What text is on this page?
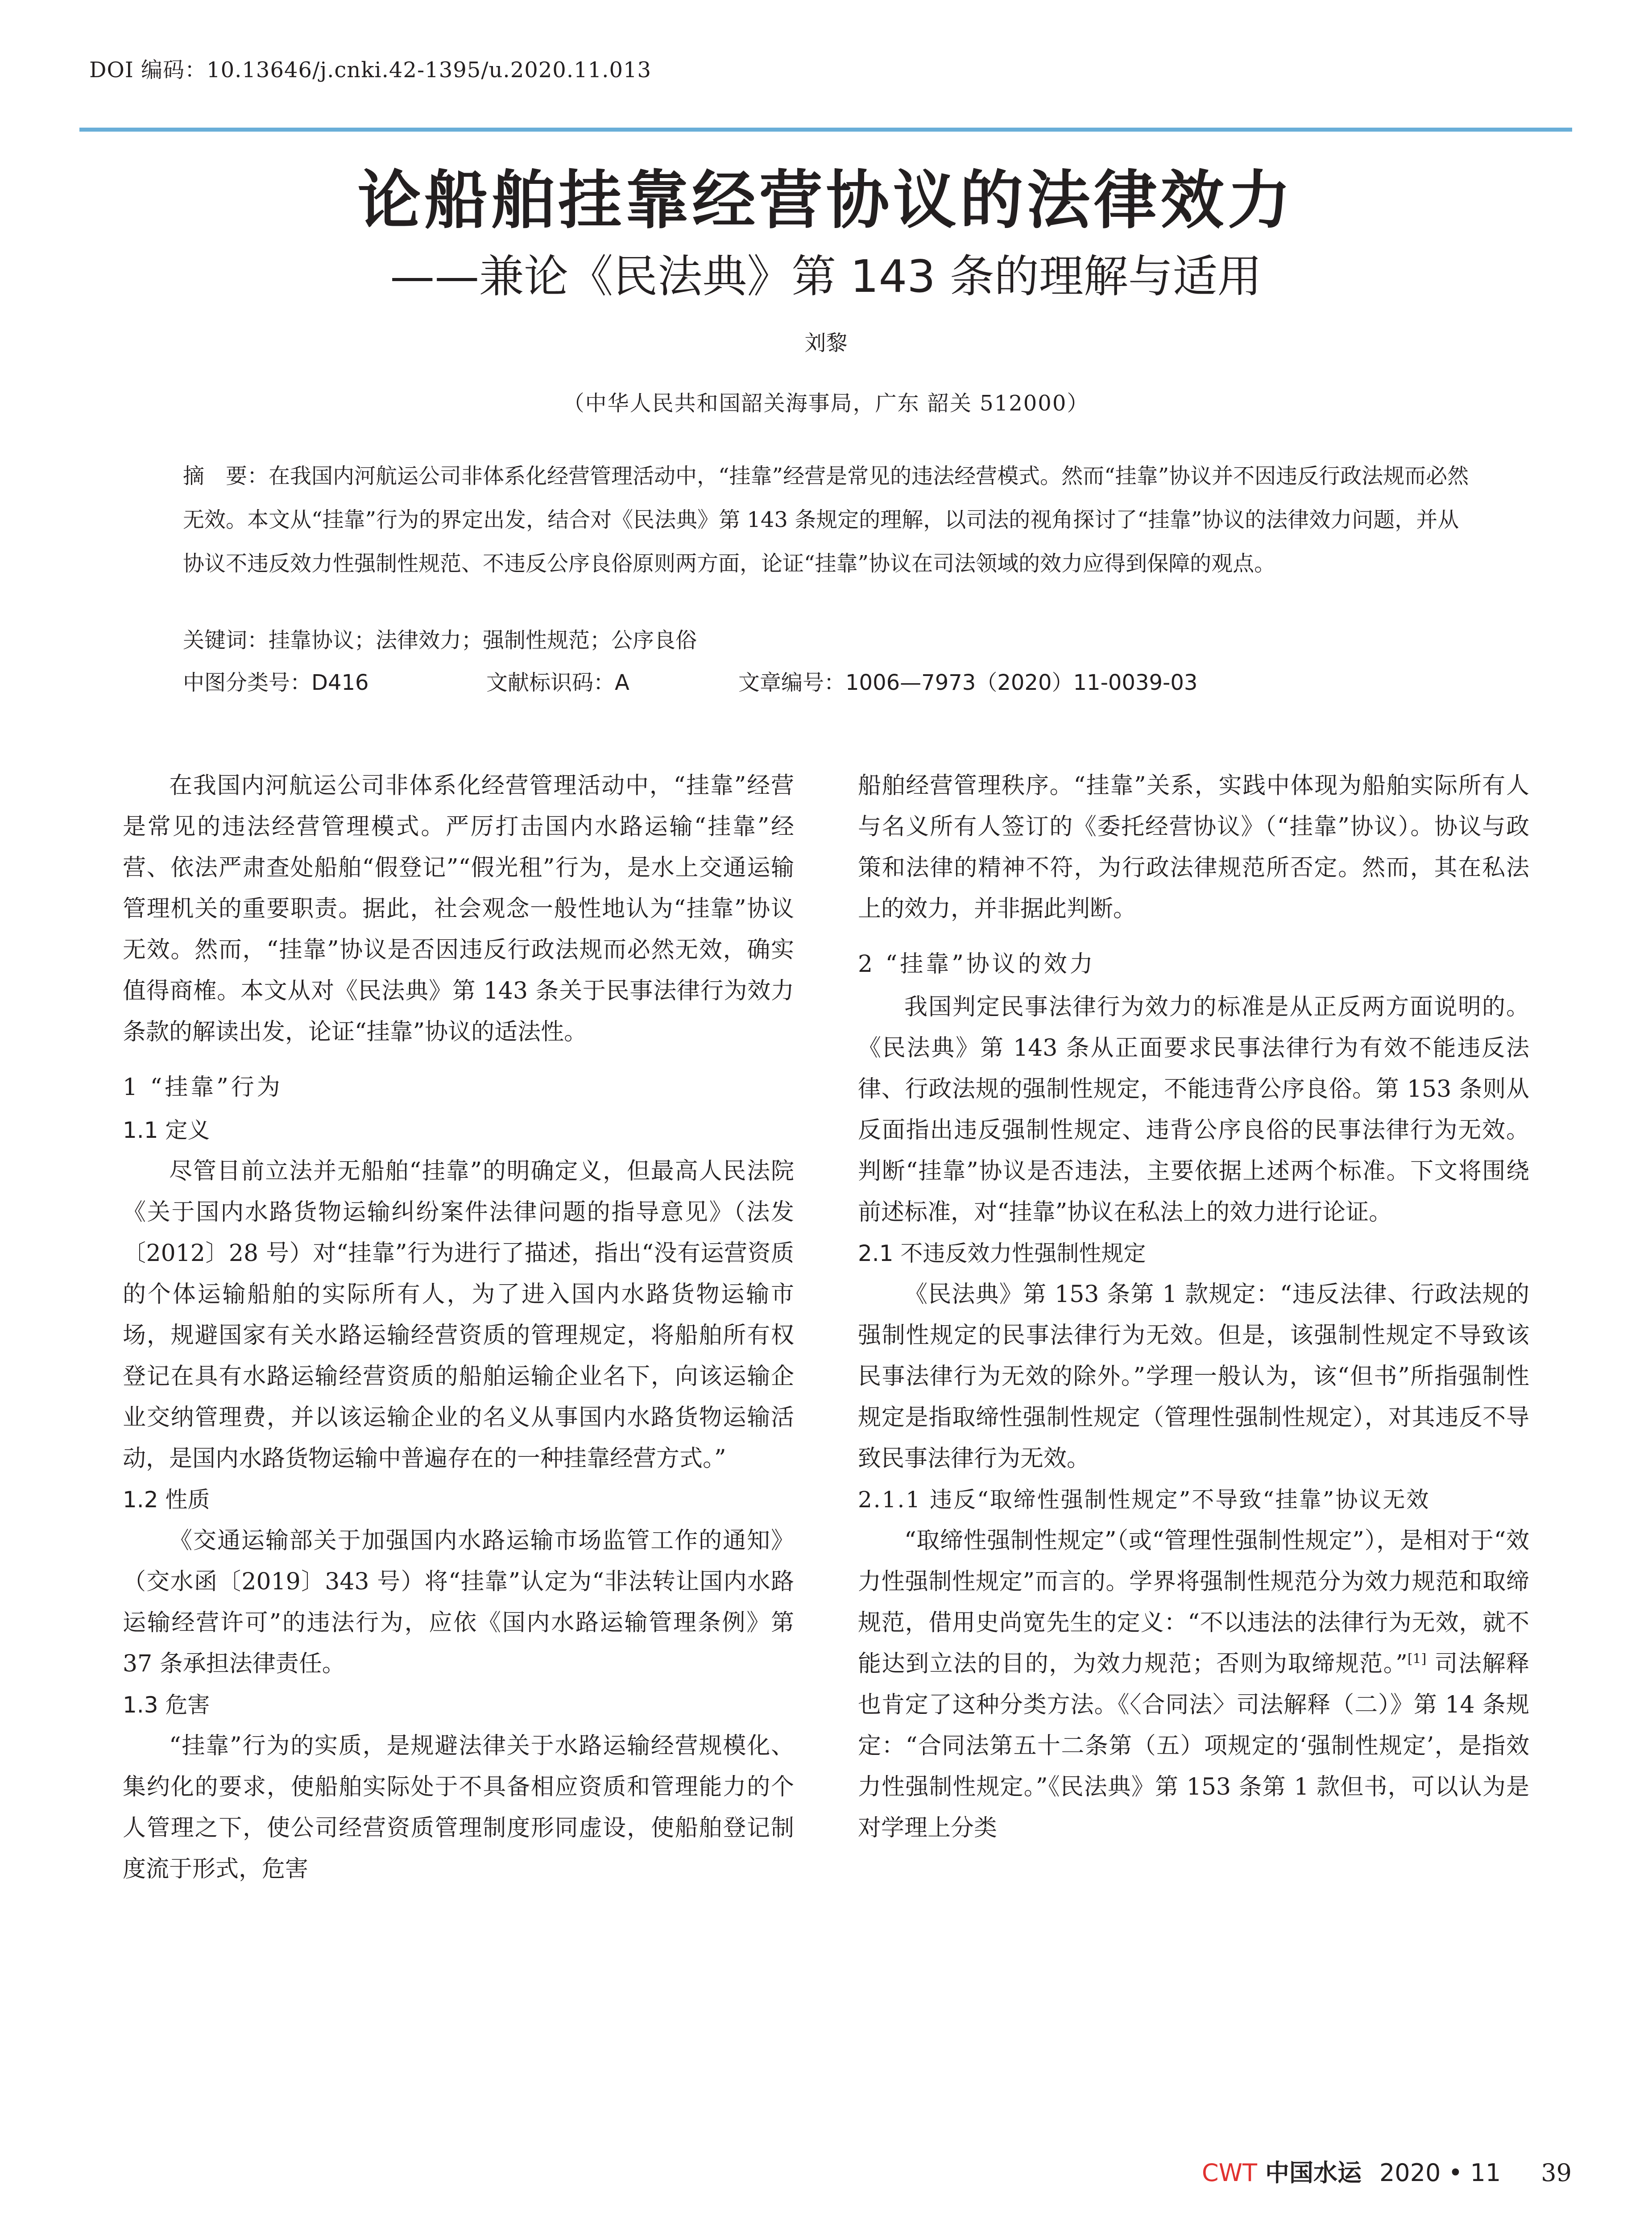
DOI 编码：10.13646/j.cnki.42-1395/u.2020.11.013
论船舶挂靠经营协议的法律效力
——兼论《民法典》第 143 条的理解与适用
刘黎
（中华人民共和国韶关海事局，广东 韶关 512000）
摘　要：在我国内河航运公司非体系化经营管理活动中，“挂靠”经营是常见的违法经营模式。然而“挂靠”协议并不因违反行政法规而必然无效。本文从“挂靠”行为的界定出发，结合对《民法典》第 143 条规定的理解，以司法的视角探讨了“挂靠”协议的法律效力问题，并从协议不违反效力性强制性规范、不违反公序良俗原则两方面，论证“挂靠”协议在司法领域的效力应得到保障的观点。
关键词：挂靠协议；法律效力；强制性规范；公序良俗
中图分类号：D416	文献标识码：A	文章编号：1006—7973（2020）11-0039-03

在我国内河航运公司非体系化经营管理活动中，“挂靠”经营是常见的违法经营管理模式。严厉打击国内水路运输“挂靠”经营、依法严肃查处船舶“假登记”“假光租”行为，是水上交通运输管理机关的重要职责。据此，社会观念一般性地认为“挂靠”协议无效。然而，“挂靠”协议是否因违反行政法规而必然无效，确实值得商榷。本文从对《民法典》第 143 条关于民事法律行为效力条款的解读出发，论证“挂靠”协议的适法性。

1 “挂靠”行为
1.1 定义

尽管目前立法并无船舶“挂靠”的明确定义，但最高人民法院《关于国内水路货物运输纠纷案件法律问题的指导意见》（法发〔2012〕28 号）对“挂靠”行为进行了描述，指出“没有运营资质的个体运输船舶的实际所有人，为了进入国内水路货物运输市场，规避国家有关水路运输经营资质的管理规定，将船舶所有权登记在具有水路运输经营资质的船舶运输企业名下，向该运输企业交纳管理费，并以该运输企业的名义从事国内水路货物运输活动，是国内水路货物运输中普遍存在的一种挂靠经营方式。”

1.2 性质

《交通运输部关于加强国内水路运输市场监管工作的通知》（交水函〔2019〕343 号）将“挂靠”认定为“非法转让国内水路运输经营许可”的违法行为，应依《国内水路运输管理条例》第 37 条承担法律责任。

1.3 危害

“挂靠”行为的实质，是规避法律关于水路运输经营规模化、集约化的要求，使船舶实际处于不具备相应资质和管理能力的个人管理之下，使公司经营资质管理制度形同虚设，使船舶登记制度流于形式，危害

船舶经营管理秩序。“挂靠”关系，实践中体现为船舶实际所有人与名义所有人签订的《委托经营协议》（“挂靠”协议）。协议与政策和法律的精神不符，为行政法律规范所否定。然而，其在私法上的效力，并非据此判断。

2 “挂靠”协议的效力

我国判定民事法律行为效力的标准是从正反两方面说明的。《民法典》第 143 条从正面要求民事法律行为有效不能违反法律、行政法规的强制性规定，不能违背公序良俗。第 153 条则从反面指出违反强制性规定、违背公序良俗的民事法律行为无效。判断“挂靠”协议是否违法，主要依据上述两个标准。下文将围绕前述标准，对“挂靠”协议在私法上的效力进行论证。

2.1 不违反效力性强制性规定

《民法典》第 153 条第 1 款规定：“违反法律、行政法规的强制性规定的民事法律行为无效。但是，该强制性规定不导致该民事法律行为无效的除外。”学理一般认为，该“但书”所指强制性规定是指取缔性强制性规定（管理性强制性规定），对其违反不导致民事法律行为无效。

2.1.1 违反“取缔性强制性规定”不导致“挂靠”协议无效

“取缔性强制性规定”（或“管理性强制性规定”），是相对于“效力性强制性规定”而言的。学界将强制性规范分为效力规范和取缔规范，借用史尚宽先生的定义：“不以违法的法律行为无效，就不能达到立法的目的，为效力规范；否则为取缔规范。”[1] 司法解释也肯定了这种分类方法。《〈合同法〉司法解释（二）》第 14 条规定：“合同法第五十二条第（五）项规定的‘强制性规定’，是指效力性强制性规定。”《民法典》第 153 条第 1 款但书，可以认为是对学理上分类

CWT 中国水运 2020 • 11 39
